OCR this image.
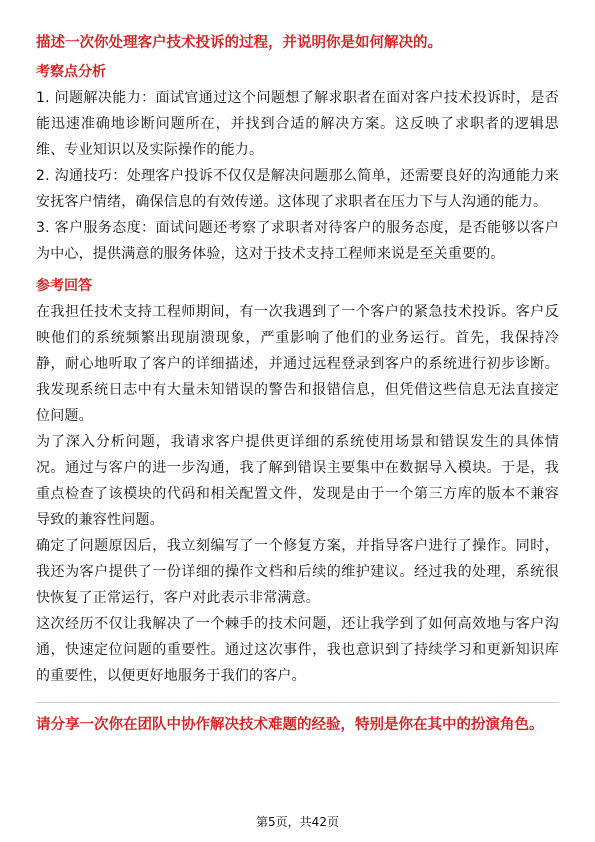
描述一次你处理客户技术投诉的过程，并说明你是如何解决的。

考察点分析

1. 问题解决能力：面试官通过这个问题想了解求职者在面对客户技术投诉时，是否能迅速准确地诊断问题所在，并找到合适的解决方案。这反映了求职者的逻辑思维、专业知识以及实际操作的能力。

2. 沟通技巧：处理客户投诉不仅仅是解决问题那么简单，还需要良好的沟通能力来安抚客户情绪，确保信息的有效传递。这体现了求职者在压力下与人沟通的能力。

3. 客户服务态度：面试问题还考察了求职者对待客户的服务态度，是否能够以客户为中心，提供满意的服务体验，这对于技术支持工程师来说是至关重要的。

参考回答

在我担任技术支持工程师期间，有一次我遇到了一个客户的紧急技术投诉。客户反映他们的系统频繁出现崩溃现象，严重影响了他们的业务运行。首先，我保持冷静，耐心地听取了客户的详细描述，并通过远程登录到客户的系统进行初步诊断。我发现系统日志中有大量未知错误的警告和报错信息，但凭借这些信息无法直接定位问题。

为了深入分析问题，我请求客户提供更详细的系统使用场景和错误发生的具体情况。通过与客户的进一步沟通，我了解到错误主要集中在数据导入模块。于是，我重点检查了该模块的代码和相关配置文件，发现是由于一个第三方库的版本不兼容导致的兼容性问题。

确定了问题原因后，我立刻编写了一个修复方案，并指导客户进行了操作。同时，我还为客户提供了一份详细的操作文档和后续的维护建议。经过我的处理，系统很快恢复了正常运行，客户对此表示非常满意。

这次经历不仅让我解决了一个棘手的技术问题，还让我学到了如何高效地与客户沟通，快速定位问题的重要性。通过这次事件，我也意识到了持续学习和更新知识库的重要性，以便更好地服务于我们的客户。

请分享一次你在团队中协作解决技术难题的经验，特别是你在其中的扮演角色。

第5页，共42页
